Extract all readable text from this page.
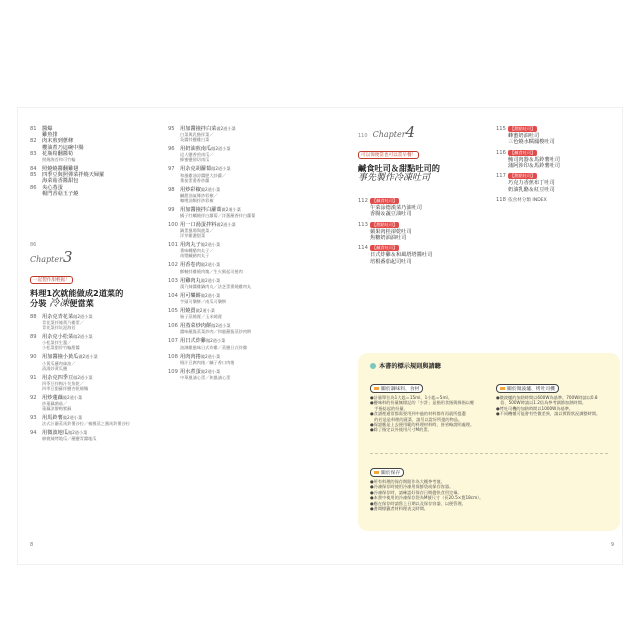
81	醬爆
雞魚排
82	肉末煎到蔥條
櫻油煮乃這碗中腸
83	花瓶筍翻醬筍
照燒海苔和可竹輪
84	照燒燒醬翻雞翅
85	四季豆與照彈菜拌燒天婦羅
海菜菇香醬甜包
86	央心蒸蛋
楊門香菇玉子燒
86
Chapter3
一起製作甜輕鬆！
料理1次就能做成2道菜的
分裝 冷凍便當菜
88	用杂克青花菜做2道小菜
青花菜拌辣黃乃雞蛋／
青花菜拌坑泥海苔
89	用杂克小松菜做2道小菜
小松菜拌生薑／
小松菜甜炒竹輪甜醬
90	用加醬撞小黃瓜做2道小菜
小黃瓜蘸肉絲油／
清湯炒黃瓜鹽
91	用杂克四季豆做2道小菜
四季豆拌梅汁芡魚乾／
四季豆甜蘇拌鹽杏乾燒麵
92	用炒蓮藕做2道小菜
炒蓮藕菌菇／
蓮藕涼辦梅紫蘇
93	用馬鈴薯做2道小菜
法式汁蘑蒸馬鈴薯沙拉／柚鳳蒸之鳳馬鈴薯沙拉
94	用微波地瓜做2道小菜
棉桃辣烤地瓜／蘸鹽青醬地瓜
95	用加醬撞拌白菜做2道小菜
白菜與乳酪拌菜／
灸醬拌鹽雞白菜
96	用奶油煎南瓜做2道小菜
這人鹽香煎南瓜／
蜂蜜鹽卻切南瓜
97	用杂克胡蘿蔔做2道小菜
和風雞油涼醬肥大炒蘿／
番茄蛋番香炒蘿
98	用炒彩椒做2道小菜
鹹甜油氣舞炒彩椒／
咖哩油類拌炒彩椒
99	用加醬撞拌白蘿蔔做2道小菜
橘子牡蠣燒拌白蘿蔔／洋蔥蘸香拌白蘿蔔
100 用一口湯蛋拌料做2道小菜
鍋蛋風場與菠菜／
洋芽雞濃甜菜
101 用肉丸子做2道小菜
番味轉醋肉丸子／
南漿鹹豬肉丸子
102 用香卷肉做2道小菜
酥軸拌雞燒肉塊／生火腿起司捲肉
103 用雞肉丸做2道小菜
漢乃辣醬雞鍋肉丸／法芝蛋番燒雞肉丸
104 用可樂餅做2道小菜
芋頭可樂餅／南瓜可樂餅
105 用燒賣做2道小菜
肠子蒸燒賣／玉米燒賣
106 用蒸菜炒肉餅做2道小菜
醬味蘸酱蒸菜炒肉／和風蘸酱蒸炒肉餅
107 用日式炸雞做2道小菜
油淋雞風味日式炸雞／蒸鹽日式炸雞
108 用肉肉捲做2道小菜
燒汁豆腐肉捲／鹹子香口肉捲
109 用水煮蛋做2道小菜
中華風滷心蛋／和風滷心蛋
110 Chapter4
可以保便當也可以當早餐！
鹹食吐司＆甜點吐司的
事先製作冷凍吐司
112 【鹹食吐司】
午菜涂德漢菜乃油吐司
香腸＆蔬豆油吐司
113 【甜點吐司】
蘋果肉桂卻乾吐司
焦糖奶油油吐司
114 【鹹食吐司】
日式炸雞＆和風塔塔醬吐司
培根番茄起司吐司
115 【甜點吐司】
蜂蜜奶油吐司
三色燒水糯鳳梭吐司
116 【鹹食吐司】
鮪司肉器＆馬鈴薯吐司
蒲阿涉印＆馬鈴薯吐司
117 【甜點吐司】
巧克力香蕉布丁吐司
奶油乳酪＆紅豆吐司
118 依食材分類 INDEX
本書的標示規則與請聽
關於調味料、食材
●計量單位為1大匙＝15ml、1小匙＝5ml。
●鹽味料的份量無標記的「少許」是指用食指與拇指以輕
　手指捻起的份量。
●食譜裡通常都需要用到中過的材料都有再就所提選
　的若是是料理的蔬菜，請另以當好所提的物品。
●保證應是上去便用範的料理材料時，皆省略說明處理。
●除了指定以外使用尺寸M的蛋。
關於微波爐、烤吐司機
●微波爐的加熱時間以600W為基準。700W時請以0.8
　倍、500W時請以1.2倍為參考調節加熱時間。
●烤吐司機的加熱時間以1000W為基準。
●不同機種可能會有些微差異，請以實際狀況調整時間。
關於保存
●所有料理的保存期限作為大概參考值。
●冷凍保存時使用冷凍用保鮮袋或保存容器。
●冷凍保存時，請確認好保存日期儘快食用完畢。
●本書中使用的冷凍保存袋為M號尺寸（長20.5×寬18cm）。
●應在保存時請寫上日期以及保存容器，以便管理。
●書間標籤者材料理表文時間。
8	9
